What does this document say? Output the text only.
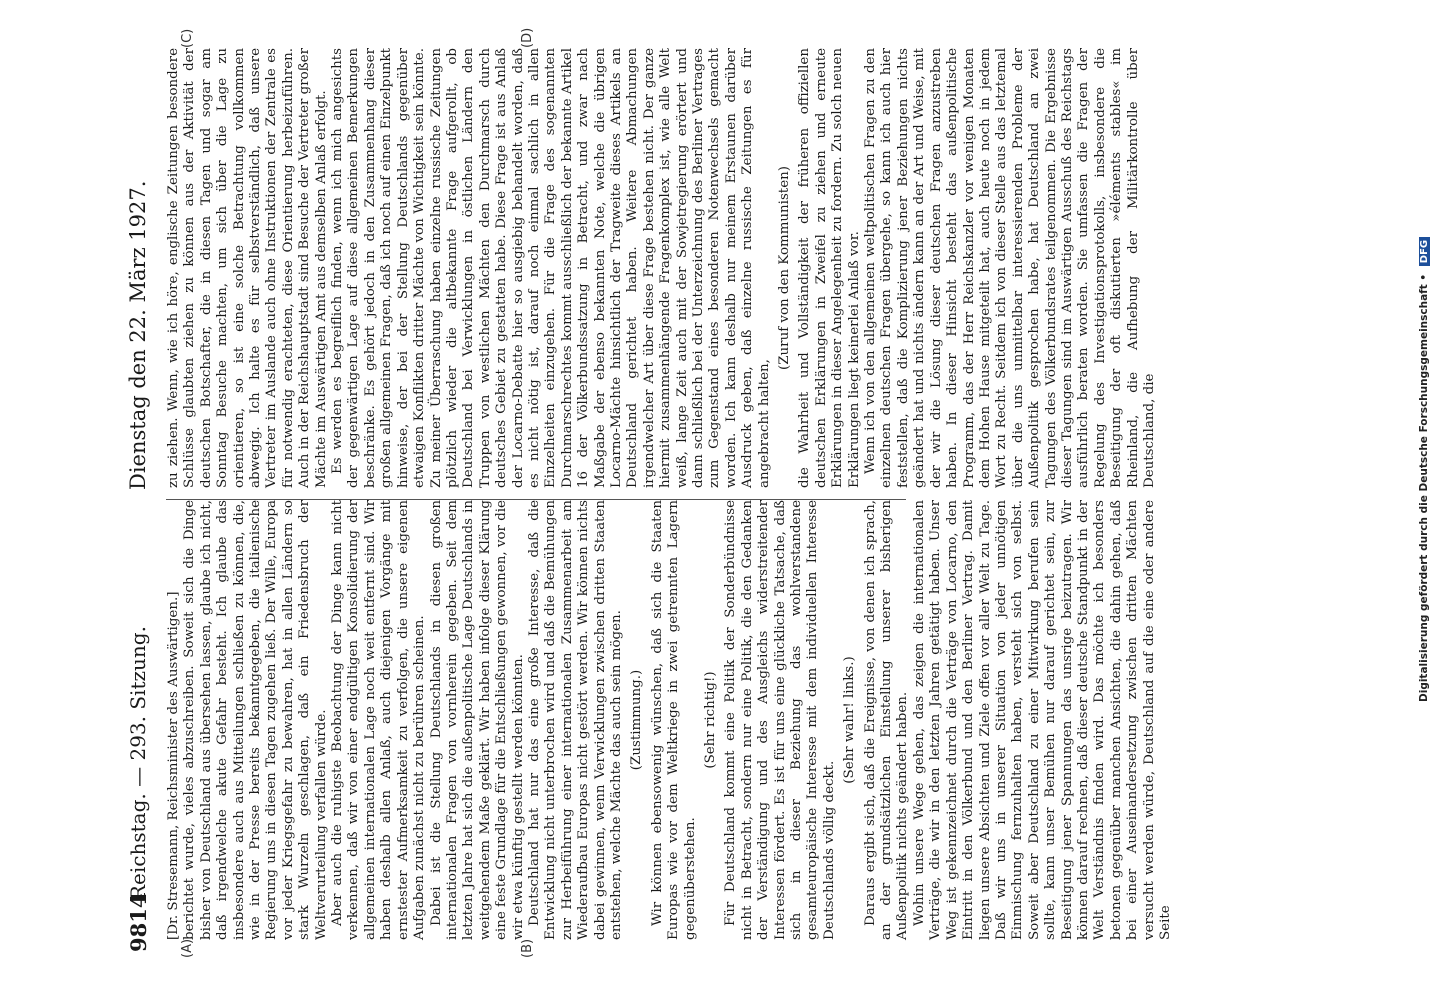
9814
Reichstag. — 293. Sitzung.
Dienstag den 22. März 1927.
(A)	(B)
(C)	(D)

[Dr. Stresemann, Reichsminister des Auswärtigen.] berichtet wurde, vieles abzuschreiben. Soweit sich die Dinge bisher von Deutschland aus übersehen lassen, glaube ich nicht, daß irgendwelche akute Gefahr besteht. Ich glaube das insbesondere auch aus Mitteilungen schließen zu können, die, wie in der Presse bereits bekanntgegeben, die italienische Regierung uns in diesen Tagen zugehen ließ. Der Wille, Europa vor jeder Kriegsgefahr zu bewahren, hat in allen Ländern so stark Wurzeln geschlagen, daß ein Friedensbruch der Weltverurteilung verfallen würde. Aber auch die ruhigste Beobachtung der Dinge kann nicht verkennen, daß wir von einer endgültigen Konsolidierung der allgemeinen internationalen Lage noch weit entfernt sind. Wir haben deshalb allen Anlaß, auch diejenigen Vorgänge mit ernstester Aufmerksamkeit zu verfolgen, die unsere eigenen Aufgaben zunächst nicht zu berühren scheinen. Dabei ist die Stellung Deutschlands in diesen großen internationalen Fragen von vornherein gegeben. Seit dem letzten Jahre hat sich die außenpolitische Lage Deutschlands in weitgehendem Maße geklärt. Wir haben infolge dieser Klärung eine feste Grundlage für die Entschließungen gewonnen, vor die wir etwa künftig gestellt werden könnten. Deutschland hat nur das eine große Interesse, daß die Entwicklung nicht unterbrochen wird und daß die Bemühungen zur Herbeiführung einer internationalen Zusammenarbeit am Wiederaufbau Europas nicht gestört werden. Wir können nichts dabei gewinnen, wenn Verwicklungen zwischen dritten Staaten entstehen, welche Mächte das auch sein mögen. (Zustimmung.) Wir können ebensowenig wünschen, daß sich die Staaten Europas wie vor dem Weltkriege in zwei getrennten Lagern gegenüberstehen.

(Sehr richtig!) Für Deutschland kommt eine Politik der Sonderbündnisse nicht in Betracht, sondern nur eine Politik, die den Gedanken der Verständigung und des Ausgleichs widerstreitender Interessen fördert. Es ist für uns eine glückliche Tatsache, daß sich in dieser Beziehung das wohlverstandene gesamteuropäische Interesse mit dem individuellen Interesse Deutschlands völlig deckt.

(Sehr wahr! links.) Daraus ergibt sich, daß die Ereignisse, von denen ich sprach, an der grundsätzlichen Einstellung unserer bisherigen Außenpolitik nichts geändert haben. Wohin unsere Wege gehen, das zeigen die internationalen Verträge, die wir in den letzten Jahren getätigt haben. Unser Weg ist gekennzeichnet durch die Verträge von Locarno, den Eintritt in den Völkerbund und den Berliner Vertrag. Damit liegen unsere Absichten und Ziele offen vor aller Welt zu Tage. Daß wir uns in unserer Situation von jeder unnötigen Einmischung fernzuhalten haben, versteht sich von selbst. Soweit aber Deutschland zu einer Mitwirkung berufen sein sollte, kann unser Bemühen nur darauf gerichtet sein, zur Beseitigung jener Spannungen das unsrige beizutragen. Wir können darauf rechnen, daß dieser deutsche Standpunkt in der Welt Verständnis finden wird. Das möchte ich besonders betonen gegenüber manchen Ansichten, die dahin gehen, daß bei einer Auseinandersetzung zwischen dritten Mächten versucht werden würde, Deutschland auf die eine oder andere Seite

zu ziehen. Wenn, wie ich höre, englische Zeitungen besondere Schlüsse glaubten ziehen zu können aus der Aktivität der deutschen Botschafter, die in diesen Tagen und sogar am Sonntag Besuche machten, um sich über die Lage zu orientieren, so ist eine solche Betrachtung vollkommen abwegig. Ich halte es für selbstverständlich, daß unsere Vertreter im Auslande auch ohne Instruktionen der Zentrale es für notwendig erachteten, diese Orientierung herbeizuführen. Auch in der Reichshauptstadt sind Besuche der Vertreter großer Mächte im Auswärtigen Amt aus demselben Anlaß erfolgt. Es werden es begreiflich finden, wenn ich mich angesichts der gegenwärtigen Lage auf diese allgemeinen Bemerkungen beschränke. Es gehört jedoch in den Zusammenhang dieser großen allgemeinen Fragen, daß ich noch auf einen Einzelpunkt hinweise, der bei der Stellung Deutschlands gegenüber etwaigen Konflikten dritter Mächte von Wichtigkeit sein könnte. Zu meiner Überraschung haben einzelne russische Zeitungen plötzlich wieder die altbekannte Frage aufgerollt, ob Deutschland bei Verwicklungen in östlichen Ländern den Truppen von westlichen Mächten den Durchmarsch durch deutsches Gebiet zu gestatten habe. Diese Frage ist aus Anlaß der Locarno-Debatte hier so ausgiebig behandelt worden, daß es nicht nötig ist, darauf noch einmal sachlich in allen Einzelheiten einzugehen. Für die Frage des sogenannten Durchmarschrechtes kommt ausschließlich der bekannte Artikel 16 der Völkerbundssatzung in Betracht, und zwar nach Maßgabe der ebenso bekannten Note, welche die übrigen Locarno-Mächte hinsichtlich der Tragweite dieses Artikels an Deutschland gerichtet haben. Weitere Abmachungen irgendwelcher Art über diese Frage bestehen nicht. Der ganze hiermit zusammenhängende Fragenkomplex ist, wie alle Welt weiß, lange Zeit auch mit der Sowjetregierung erörtert und dann schließlich bei der Unterzeichnung des Berliner Vertrages zum Gegenstand eines besonderen Notenwechsels gemacht worden. Ich kann deshalb nur meinem Erstaunen darüber Ausdruck geben, daß einzelne russische Zeitungen es für angebracht halten,

(Zuruf von den Kommunisten) die Wahrheit und Vollständigkeit der früheren offiziellen deutschen Erklärungen in Zweifel zu ziehen und erneute Erklärungen in dieser Angelegenheit zu fordern. Zu solch neuen Erklärungen liegt keinerlei Anlaß vor. Wenn ich von den allgemeinen weltpolitischen Fragen zu den einzelnen deutschen Fragen übergehe, so kann ich auch hier feststellen, daß die Komplizierung jener Beziehungen nichts geändert hat und nichts ändern kann an der Art und Weise, mit der wir die Lösung dieser deutschen Fragen anzustreben haben. In dieser Hinsicht besteht das außenpolitische Programm, das der Herr Reichskanzler vor wenigen Monaten dem Hohen Hause mitgeteilt hat, auch heute noch in jedem Wort zu Recht. Seitdem ich von dieser Stelle aus das letztemal über die uns unmittelbar interessierenden Probleme der Außenpolitik gesprochen habe, hat Deutschland an zwei Tagungen des Völkerbundsrates teilgenommen. Die Ergebnisse dieser Tagungen sind im Auswärtigen Ausschuß des Reichstags ausführlich beraten worden. Sie umfassen die Fragen der Regelung des Investigationsprotokolls, insbesondere die Beseitigung der oft diskutierten »éléments stables« im Rheinland, die Aufhebung der Militärkontrolle über Deutschland, die	Digitalisierung gefördert durch die Deutsche Forschungsgemeinschaft • DFG
